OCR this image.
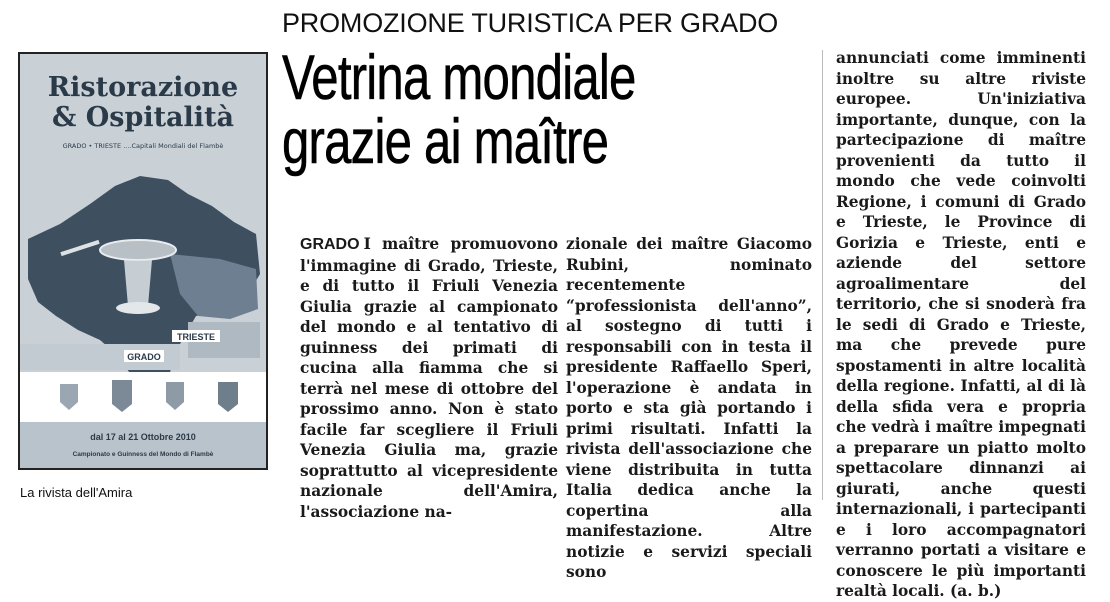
PROMOZIONE TURISTICA PER GRADO
Vetrina mondiale
grazie ai maître
Ristorazione
& Ospitalità
GRADO • TRIESTE ....Capitali Mondiali del Flambè
TRIESTE
GRADO
dal 17 al 21 Ottobre 2010
Campionato e Guinness del Mondo di Flambè
La rivista dell'Amira
GRADO I maître promuovono l'immagine di Grado, Trieste, e di tutto il Friuli Venezia Giulia grazie al campionato del mondo e al tentativo di guinness dei primati di cucina alla fiamma che si terrà nel mese di ottobre del prossimo anno. Non è stato facile far scegliere il Friuli Venezia Giulia ma, grazie soprattutto al vicepresidente nazionale dell'Amira, l'associazione na-
zionale dei maître Giacomo Rubini, nominato recentemente “professionista dell'anno”, al sostegno di tutti i responsabili con in testa il presidente Raffaello Speri, l'operazione è andata in porto e sta già portando i primi risultati. Infatti la rivista dell'associazione che viene distribuita in tutta Italia dedica anche la copertina alla manifestazione. Altre notizie e servizi speciali sono
annunciati come imminenti inoltre su altre riviste europee. Un'iniziativa importante, dunque, con la partecipazione di maître provenienti da tutto il mondo che vede coinvolti Regione, i comuni di Grado e Trieste, le Province di Gorizia e Trieste, enti e aziende del settore agroalimentare del territorio, che si snoderà fra le sedi di Grado e Trieste, ma che prevede pure spostamenti in altre località della regione. Infatti, al di là della sfida vera e propria che vedrà i maître impegnati a preparare un piatto molto spettacolare dinnanzi ai giurati, anche questi internazionali, i partecipanti e i loro accompagnatori verranno portati a visitare e conoscere le più importanti realtà locali. (a. b.)
